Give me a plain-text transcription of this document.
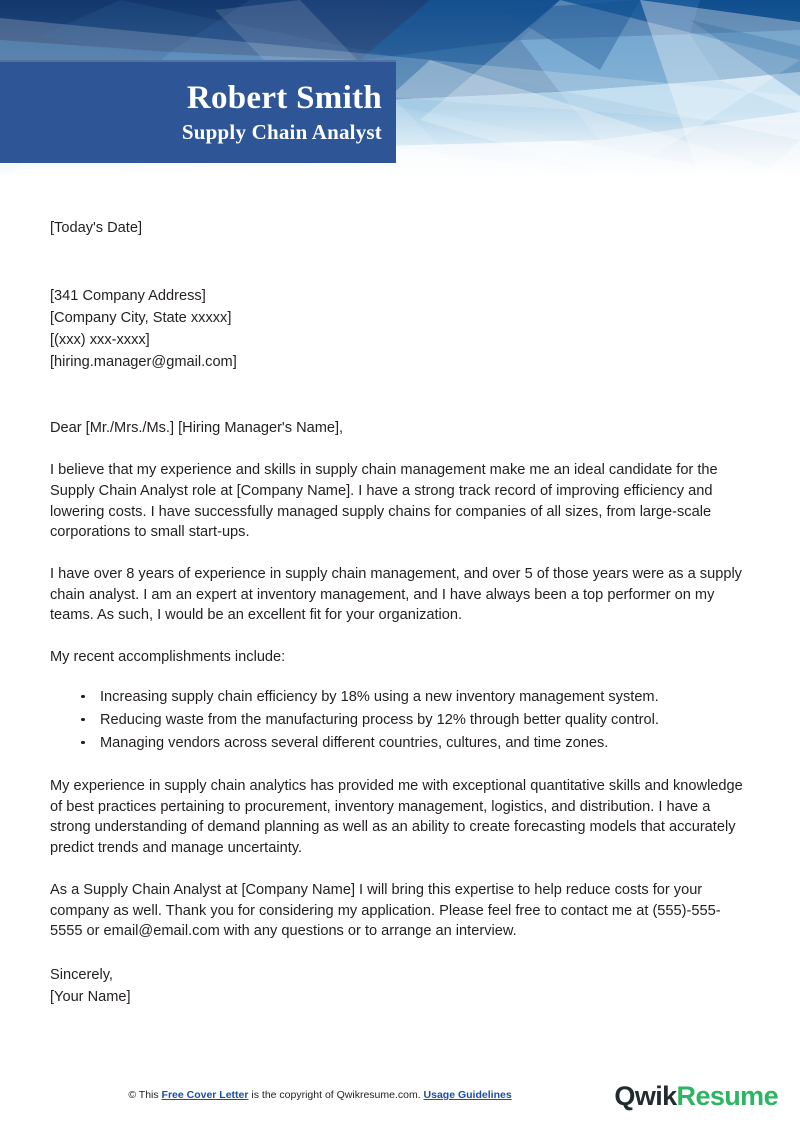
Robert Smith
Supply Chain Analyst
[Today's Date]
[341 Company Address]
[Company City, State xxxxx]
[(xxx) xxx-xxxx]
[hiring.manager@gmail.com]
Dear [Mr./Mrs./Ms.] [Hiring Manager's Name],

I believe that my experience and skills in supply chain management make me an ideal candidate for the Supply Chain Analyst role at [Company Name]. I have a strong track record of improving efficiency and lowering costs. I have successfully managed supply chains for companies of all sizes, from large-scale corporations to small start-ups.

I have over 8 years of experience in supply chain management, and over 5 of those years were as a supply chain analyst. I am an expert at inventory management, and I have always been a top performer on my teams. As such, I would be an excellent fit for your organization.

My recent accomplishments include:

Increasing supply chain efficiency by 18% using a new inventory management system.
Reducing waste from the manufacturing process by 12% through better quality control.
Managing vendors across several different countries, cultures, and time zones.

My experience in supply chain analytics has provided me with exceptional quantitative skills and knowledge of best practices pertaining to procurement, inventory management, logistics, and distribution. I have a strong understanding of demand planning as well as an ability to create forecasting models that accurately predict trends and manage uncertainty.

As a Supply Chain Analyst at [Company Name] I will bring this expertise to help reduce costs for your company as well. Thank you for considering my application. Please feel free to contact me at (555)-555-5555 or email@email.com with any questions or to arrange an interview.

Sincerely,
[Your Name]
© This Free Cover Letter is the copyright of Qwikresume.com. Usage Guidelines	QwikResume
